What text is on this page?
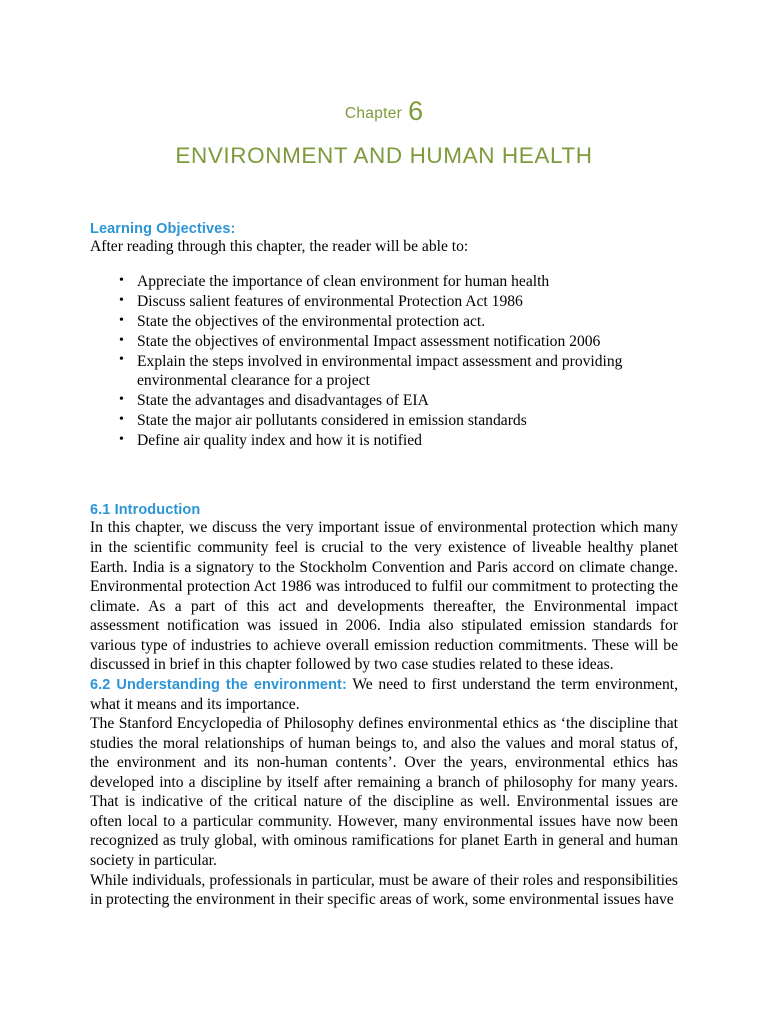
Chapter 6
ENVIRONMENT AND HUMAN HEALTH
Learning Objectives:

After reading through this chapter, the reader will be able to:

• Appreciate the importance of clean environment for human health
• Discuss salient features of environmental Protection Act 1986
• State the objectives of the environmental protection act.
• State the objectives of environmental Impact assessment notification 2006
• Explain the steps involved in environmental impact assessment and providing environmental clearance for a project
• State the advantages and disadvantages of EIA
• State the major air pollutants considered in emission standards
• Define air quality index and how it is notified
6.1 Introduction

In this chapter, we discuss the very important issue of environmental protection which many in the scientific community feel is crucial to the very existence of liveable healthy planet Earth. India is a signatory to the Stockholm Convention and Paris accord on climate change. Environmental protection Act 1986 was introduced to fulfil our commitment to protecting the climate. As a part of this act and developments thereafter, the Environmental impact assessment notification was issued in 2006. India also stipulated emission standards for various type of industries to achieve overall emission reduction commitments. These will be discussed in brief in this chapter followed by two case studies related to these ideas.

6.2 Understanding the environment: We need to first understand the term environment, what it means and its importance.

The Stanford Encyclopedia of Philosophy defines environmental ethics as ‘the discipline that studies the moral relationships of human beings to, and also the values and moral status of, the environment and its non-human contents’. Over the years, environmental ethics has developed into a discipline by itself after remaining a branch of philosophy for many years. That is indicative of the critical nature of the discipline as well. Environmental issues are often local to a particular community. However, many environmental issues have now been recognized as truly global, with ominous ramifications for planet Earth in general and human society in particular.

While individuals, professionals in particular, must be aware of their roles and responsibilities in protecting the environment in their specific areas of work, some environmental issues have
